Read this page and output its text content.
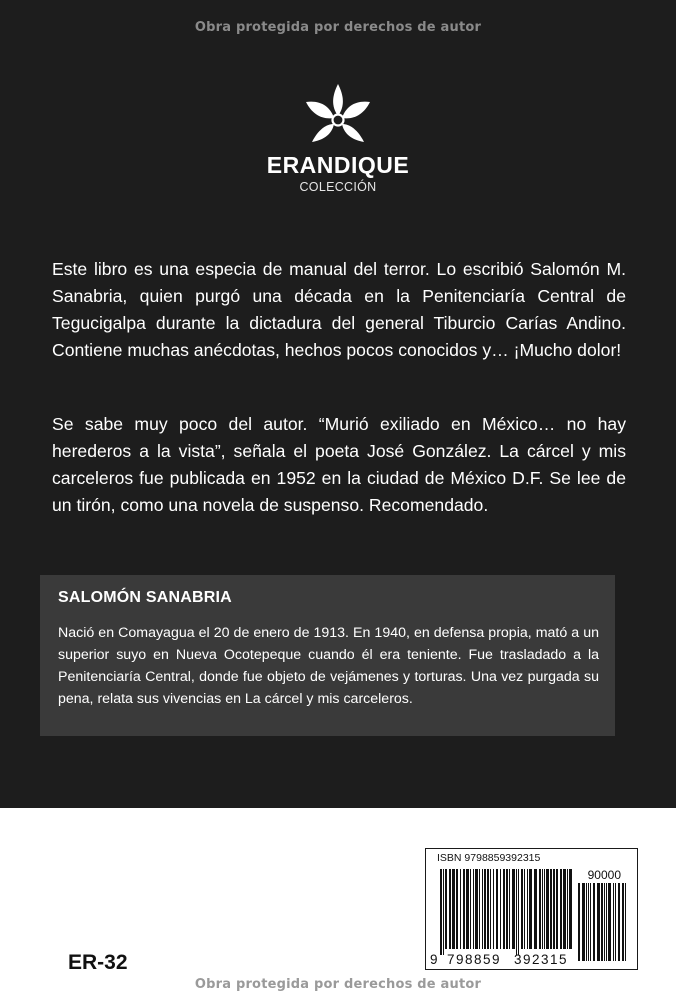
Obra protegida por derechos de autor
ERANDIQUE
COLECCIÓN

Este libro es una especia de manual del terror. Lo escribió Salomón M. Sanabria, quien purgó una década en la Penitenciaría Central de Tegucigalpa durante la dictadura del general Tiburcio Carías Andino. Contiene muchas anécdotas, hechos pocos conocidos y… ¡Mucho dolor!

Se sabe muy poco del autor. “Murió exiliado en México… no hay herederos a la vista”, señala el poeta José González. La cárcel y mis carceleros fue publicada en 1952 en la ciudad de México D.F. Se lee de un tirón, como una novela de suspenso. Recomendado.

SALOMÓN SANABRIA

Nació en Comayagua el 20 de enero de 1913. En 1940, en defensa propia, mató a un superior suyo en Nueva Ocotepeque cuando él era teniente. Fue trasladado a la Penitenciaría Central, donde fue objeto de vejámenes y torturas. Una vez purgada su pena, relata sus vivencias en La cárcel y mis carceleros.

ER-32
ISBN 9798859392315
90000
9 798859 392315
Obra protegida por derechos de autor
